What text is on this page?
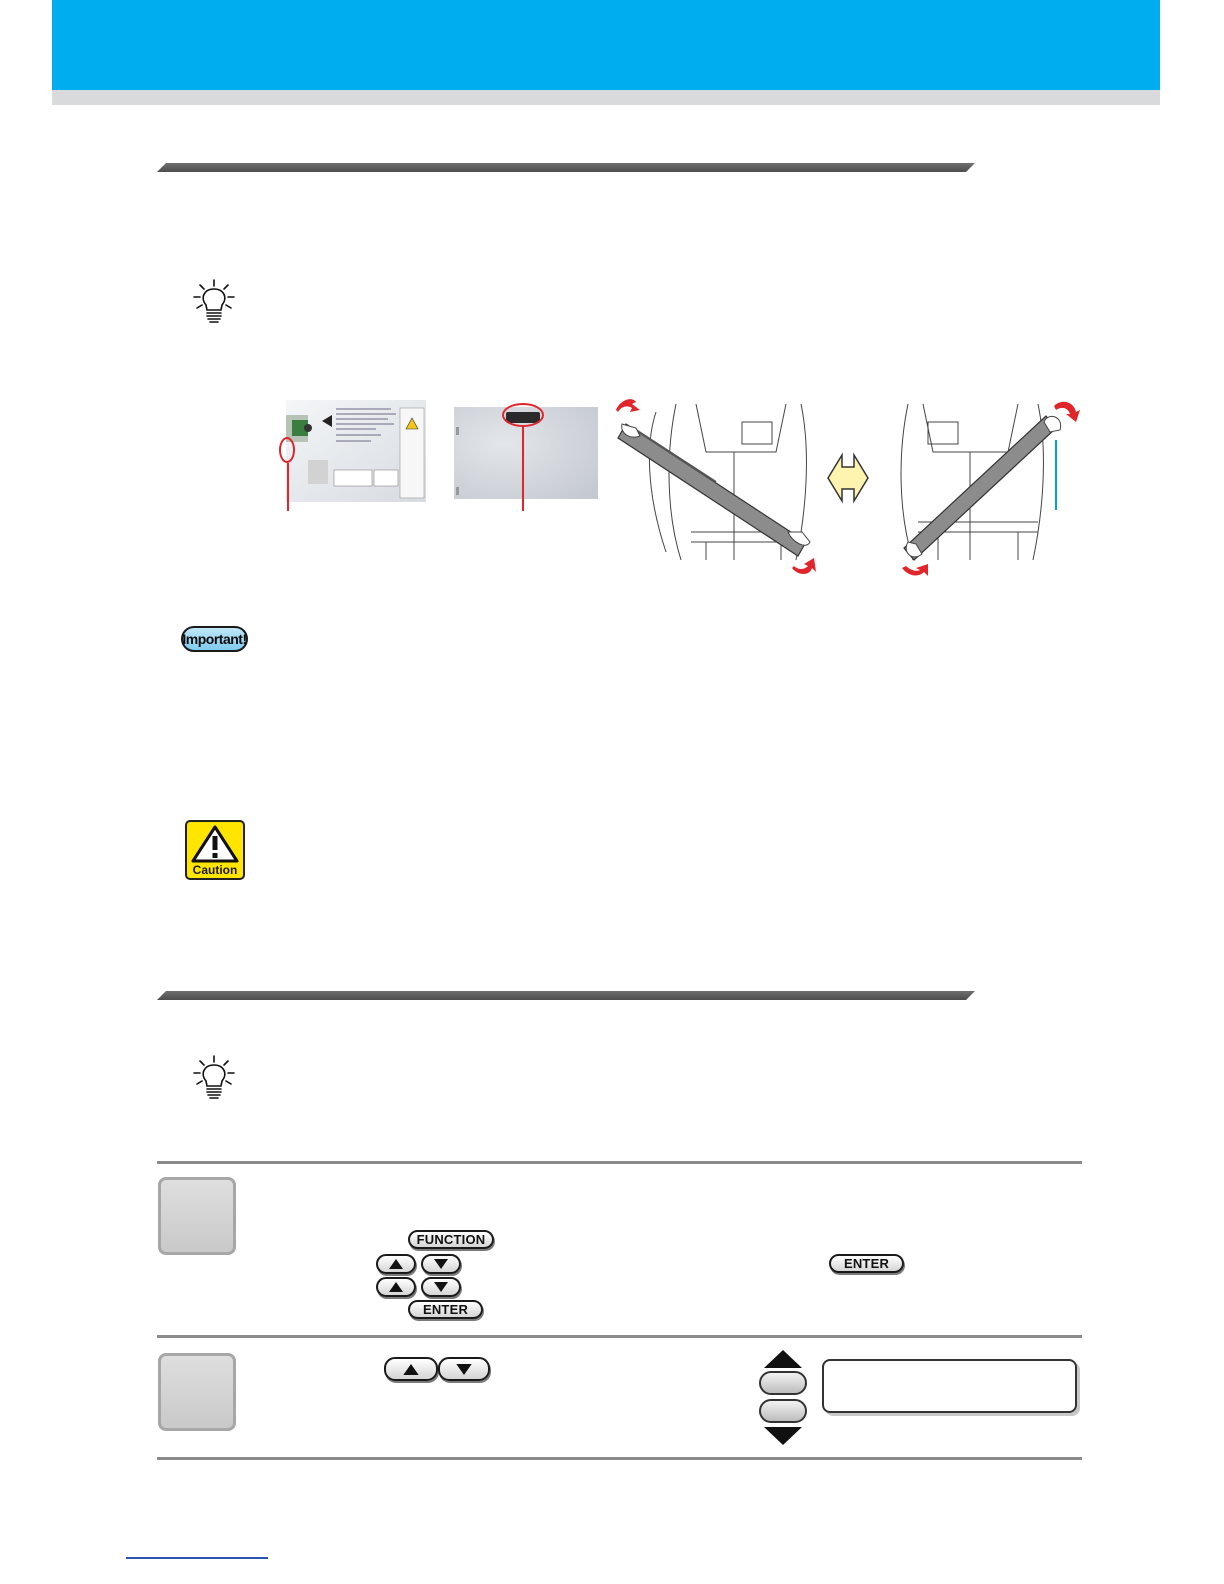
Important!
Caution
FUNCTION
ENTER
ENTER
